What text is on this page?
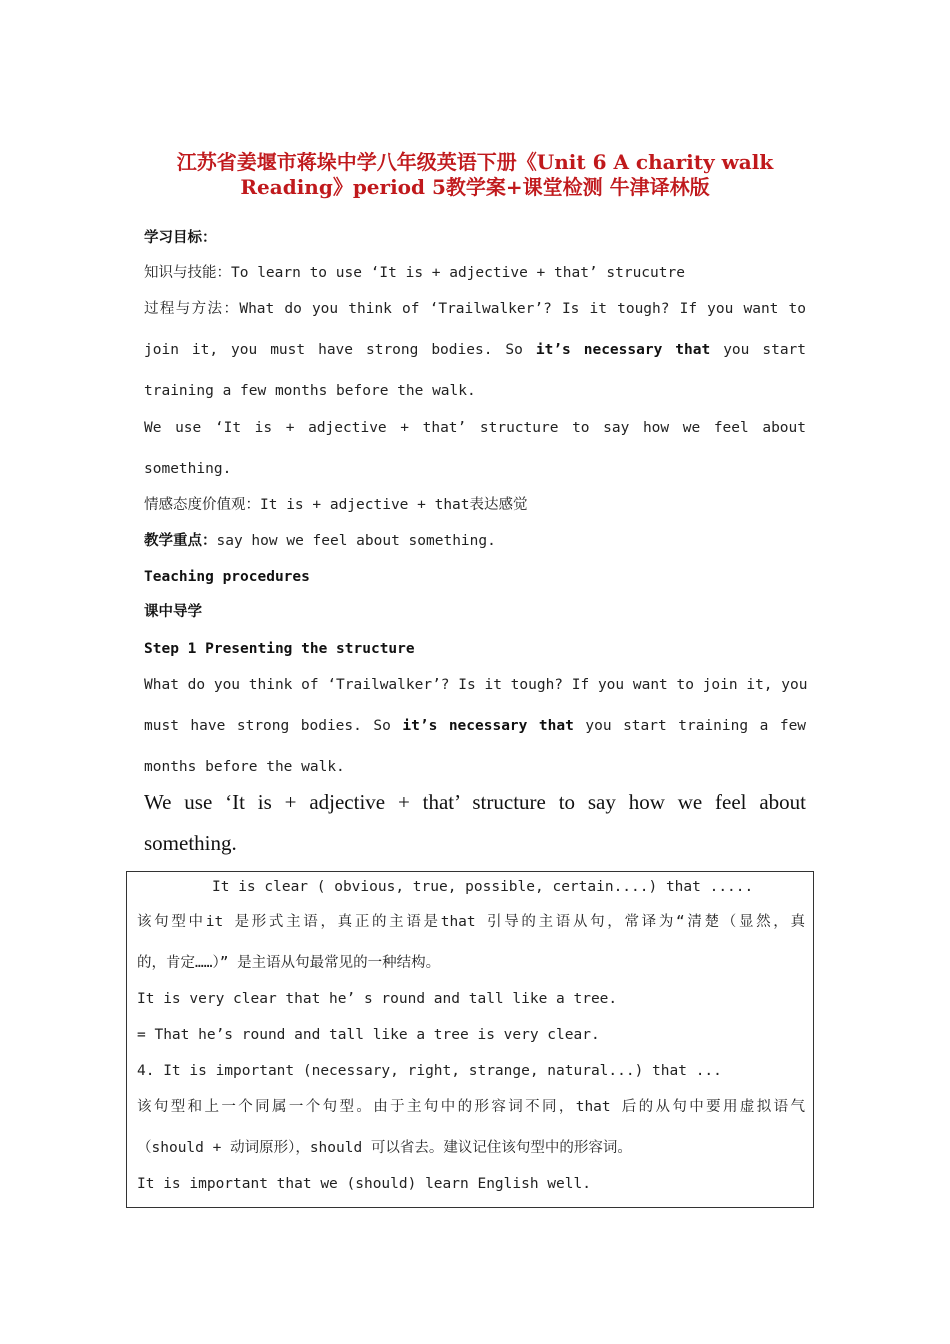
江苏省姜堰市蒋垛中学八年级英语下册《Unit 6 A charity walk
Reading》period 5教学案+课堂检测 牛津译林版
学习目标：
知识与技能：To learn to use ‘It is + adjective + that’ strucutre
过程与方法：What do you think of ‘Trailwalker’? Is it tough? If you want to
join it, you must have strong bodies. So it’s necessary that you start
training a few months before the walk.
We use ‘It is + adjective + that’ structure to say how we feel about
something.
情感态度价值观：It is + adjective + that表达感觉
教学重点：say how we feel about something.
Teaching procedures
课中导学
Step 1 Presenting the structure
What do you think of ‘Trailwalker’? Is it tough? If you want to join it, you
must have strong bodies. So it’s necessary that you start training a few
months before the walk.
We use ‘It is + adjective + that’ structure to say how we feel about
something.
It is clear ( obvious, true, possible, certain....) that .....
该句型中it 是形式主语，真正的主语是that 引导的主语从句，常译为“清楚（显然，真
的，肯定……）” 是主语从句最常见的一种结构。
It is very clear that he’ s round and tall like a tree.
= That he’s round and tall like a tree is very clear.
4. It is important (necessary, right, strange, natural...) that ...
该句型和上一个同属一个句型。由于主句中的形容词不同，that 后的从句中要用虚拟语气
（should + 动词原形），should 可以省去。建议记住该句型中的形容词。
It is important that we (should) learn English well.
